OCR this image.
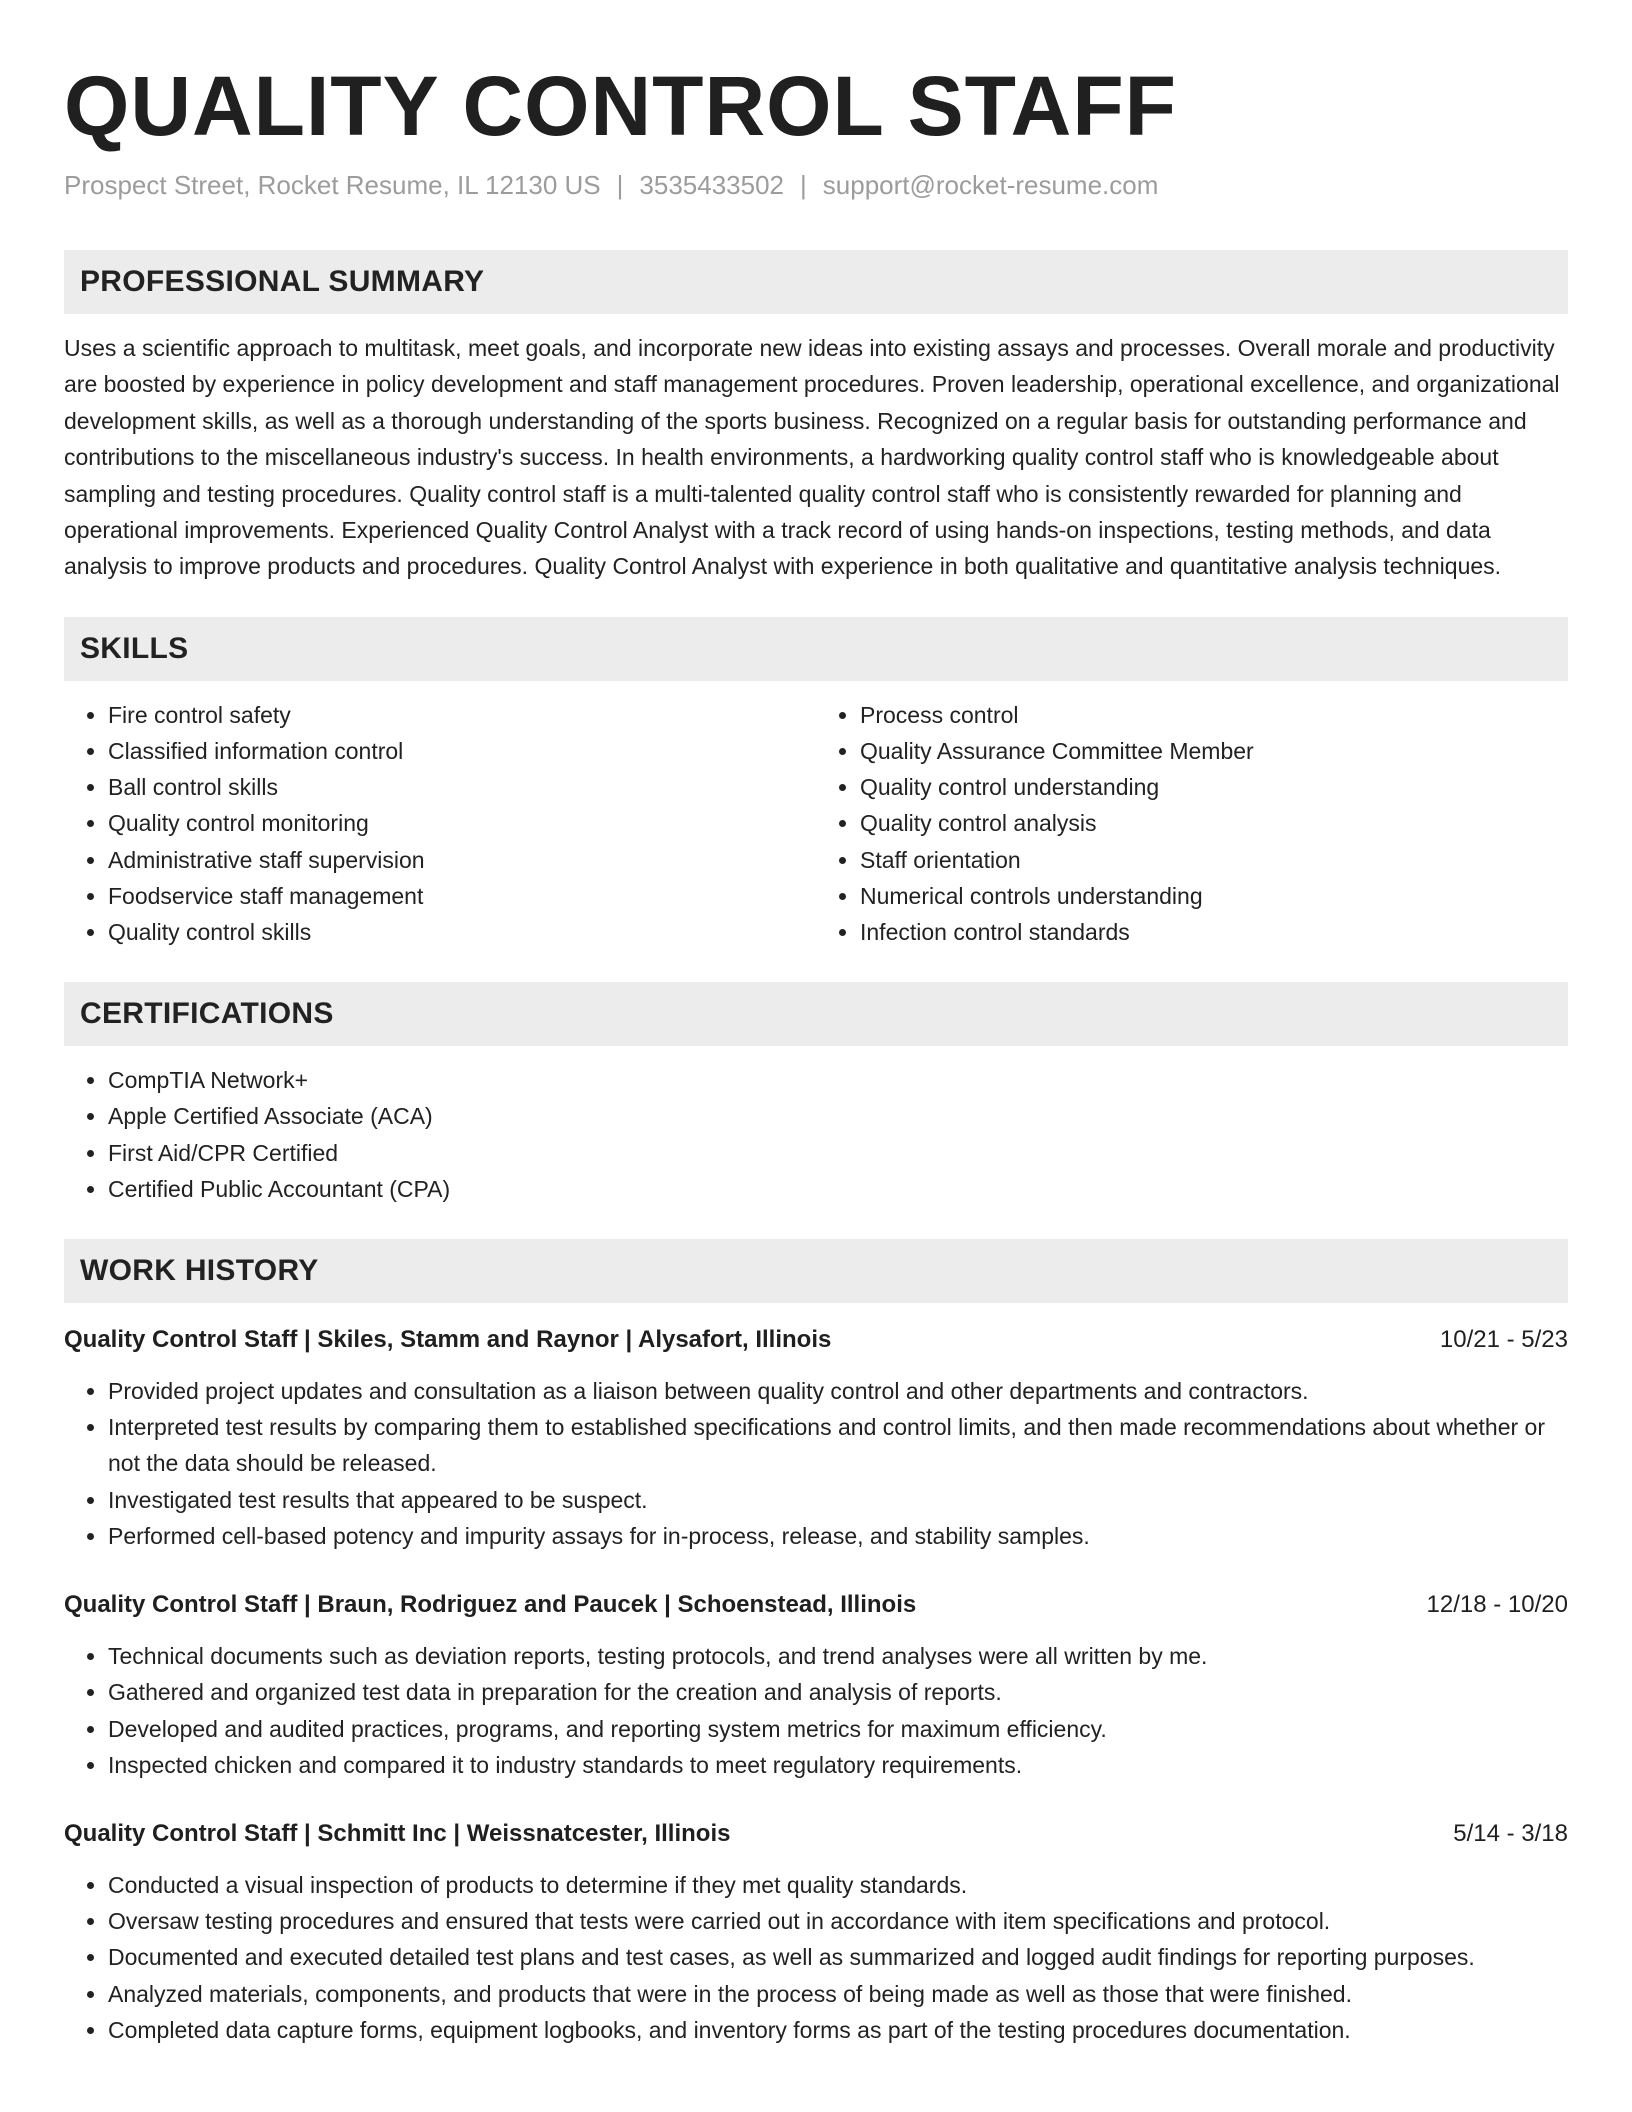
QUALITY CONTROL STAFF
Prospect Street, Rocket Resume, IL 12130 US | 3535433502 | support@rocket-resume.com
PROFESSIONAL SUMMARY

Uses a scientific approach to multitask, meet goals, and incorporate new ideas into existing assays and processes. Overall morale and productivity are boosted by experience in policy development and staff management procedures. Proven leadership, operational excellence, and organizational development skills, as well as a thorough understanding of the sports business. Recognized on a regular basis for outstanding performance and contributions to the miscellaneous industry's success. In health environments, a hardworking quality control staff who is knowledgeable about sampling and testing procedures. Quality control staff is a multi-talented quality control staff who is consistently rewarded for planning and operational improvements. Experienced Quality Control Analyst with a track record of using hands-on inspections, testing methods, and data analysis to improve products and procedures. Quality Control Analyst with experience in both qualitative and quantitative analysis techniques.

SKILLS
• Fire control safety
• Classified information control
• Ball control skills
• Quality control monitoring
• Administrative staff supervision
• Foodservice staff management
• Quality control skills
• Process control
• Quality Assurance Committee Member
• Quality control understanding
• Quality control analysis
• Staff orientation
• Numerical controls understanding
• Infection control standards
CERTIFICATIONS
• CompTIA Network+
• Apple Certified Associate (ACA)
• First Aid/CPR Certified
• Certified Public Accountant (CPA)
WORK HISTORY
Quality Control Staff | Skiles, Stamm and Raynor | Alysafort, Illinois	10/21 - 5/23
• Provided project updates and consultation as a liaison between quality control and other departments and contractors.
• Interpreted test results by comparing them to established specifications and control limits, and then made recommendations about whether or not the data should be released.
• Investigated test results that appeared to be suspect.
• Performed cell-based potency and impurity assays for in-process, release, and stability samples.
Quality Control Staff | Braun, Rodriguez and Paucek | Schoenstead, Illinois	12/18 - 10/20
• Technical documents such as deviation reports, testing protocols, and trend analyses were all written by me.
• Gathered and organized test data in preparation for the creation and analysis of reports.
• Developed and audited practices, programs, and reporting system metrics for maximum efficiency.
• Inspected chicken and compared it to industry standards to meet regulatory requirements.
Quality Control Staff | Schmitt Inc | Weissnatcester, Illinois	5/14 - 3/18
• Conducted a visual inspection of products to determine if they met quality standards.
• Oversaw testing procedures and ensured that tests were carried out in accordance with item specifications and protocol.
• Documented and executed detailed test plans and test cases, as well as summarized and logged audit findings for reporting purposes.
• Analyzed materials, components, and products that were in the process of being made as well as those that were finished.
• Completed data capture forms, equipment logbooks, and inventory forms as part of the testing procedures documentation.
